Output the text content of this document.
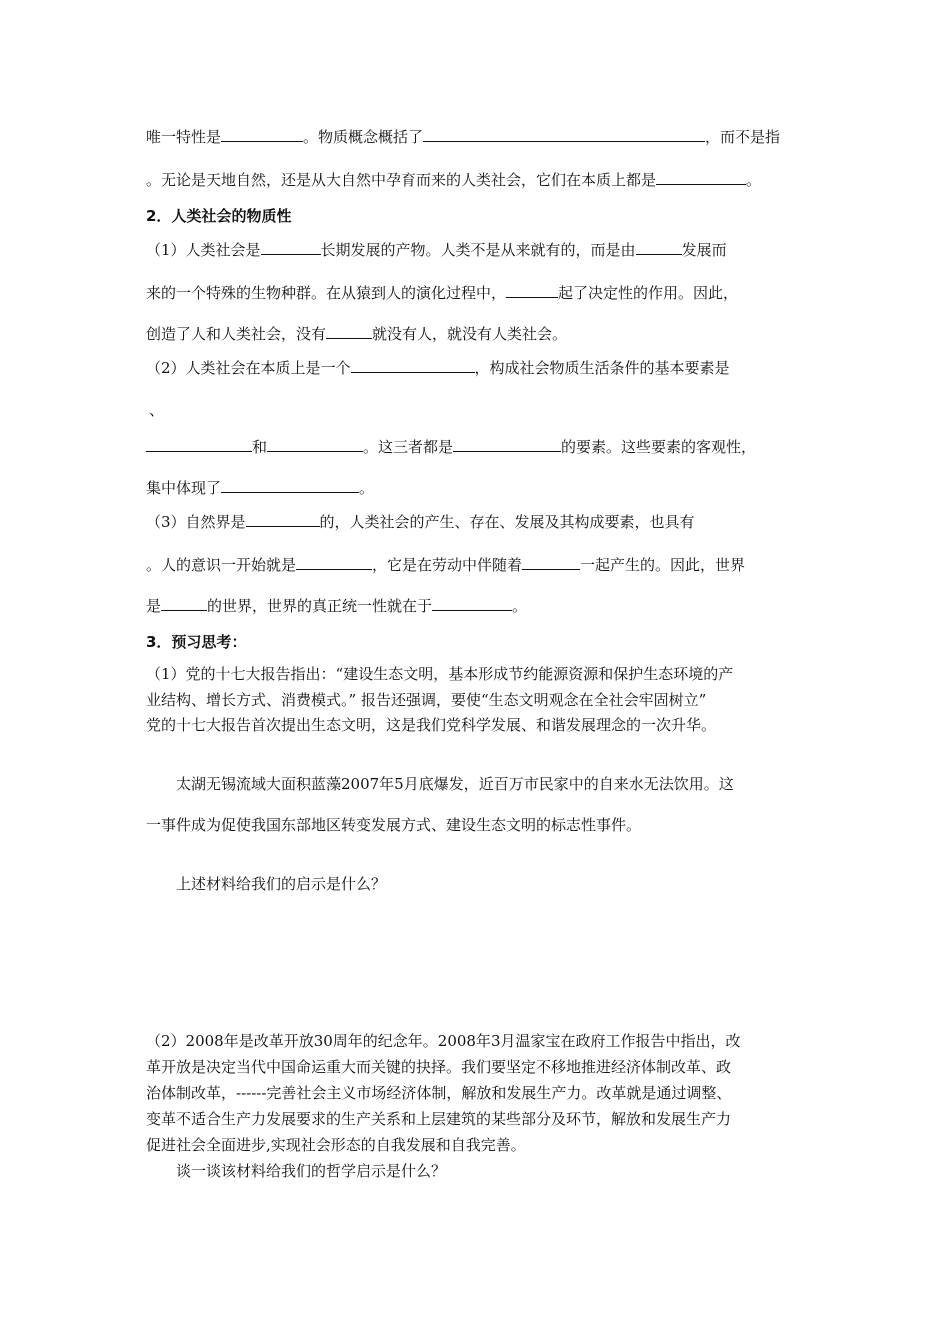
唯一特性是	。物质概念概括了	，而不是指
。无论是天地自然，还是从大自然中孕育而来的人类社会，它们在本质上都是	。
2．人类社会的物质性
（1）人类社会是	长期发展的产物。人类不是从来就有的，而是由	发展而
来的一个特殊的生物种群。在从猿到人的演化过程中，	起了决定性的作用。因此，
创造了人和人类社会，没有	就没有人，就没有人类社会。
（2）人类社会在本质上是一个	，构成社会物质生活条件的基本要素是
、
和	。这三者都是	的要素。这些要素的客观性，
集中体现了	。
（3）自然界是	的，人类社会的产生、存在、发展及其构成要素，也具有
。人的意识一开始就是	，它是在劳动中伴随着	一起产生的。因此，世界
是	的世界，世界的真正统一性就在于	。
3．预习思考：
（1）党的十七大报告指出：“建设生态文明，基本形成节约能源资源和保护生态环境的产
业结构、增长方式、消费模式。” 报告还强调，要使“生态文明观念在全社会牢固树立”
党的十七大报告首次提出生态文明，这是我们党科学发展、和谐发展理念的一次升华。
太湖无锡流域大面积蓝藻2007年5月底爆发，近百万市民家中的自来水无法饮用。这
一事件成为促使我国东部地区转变发展方式、建设生态文明的标志性事件。
上述材料给我们的启示是什么？
（2）2008年是改革开放30周年的纪念年。2008年3月温家宝在政府工作报告中指出，改
革开放是决定当代中国命运重大而关键的抉择。我们要坚定不移地推进经济体制改革、政
治体制改革，------完善社会主义市场经济体制，解放和发展生产力。改革就是通过调整、
变革不适合生产力发展要求的生产关系和上层建筑的某些部分及环节，解放和发展生产力
促进社会全面进步,实现社会形态的自我发展和自我完善。
谈一谈该材料给我们的哲学启示是什么？
